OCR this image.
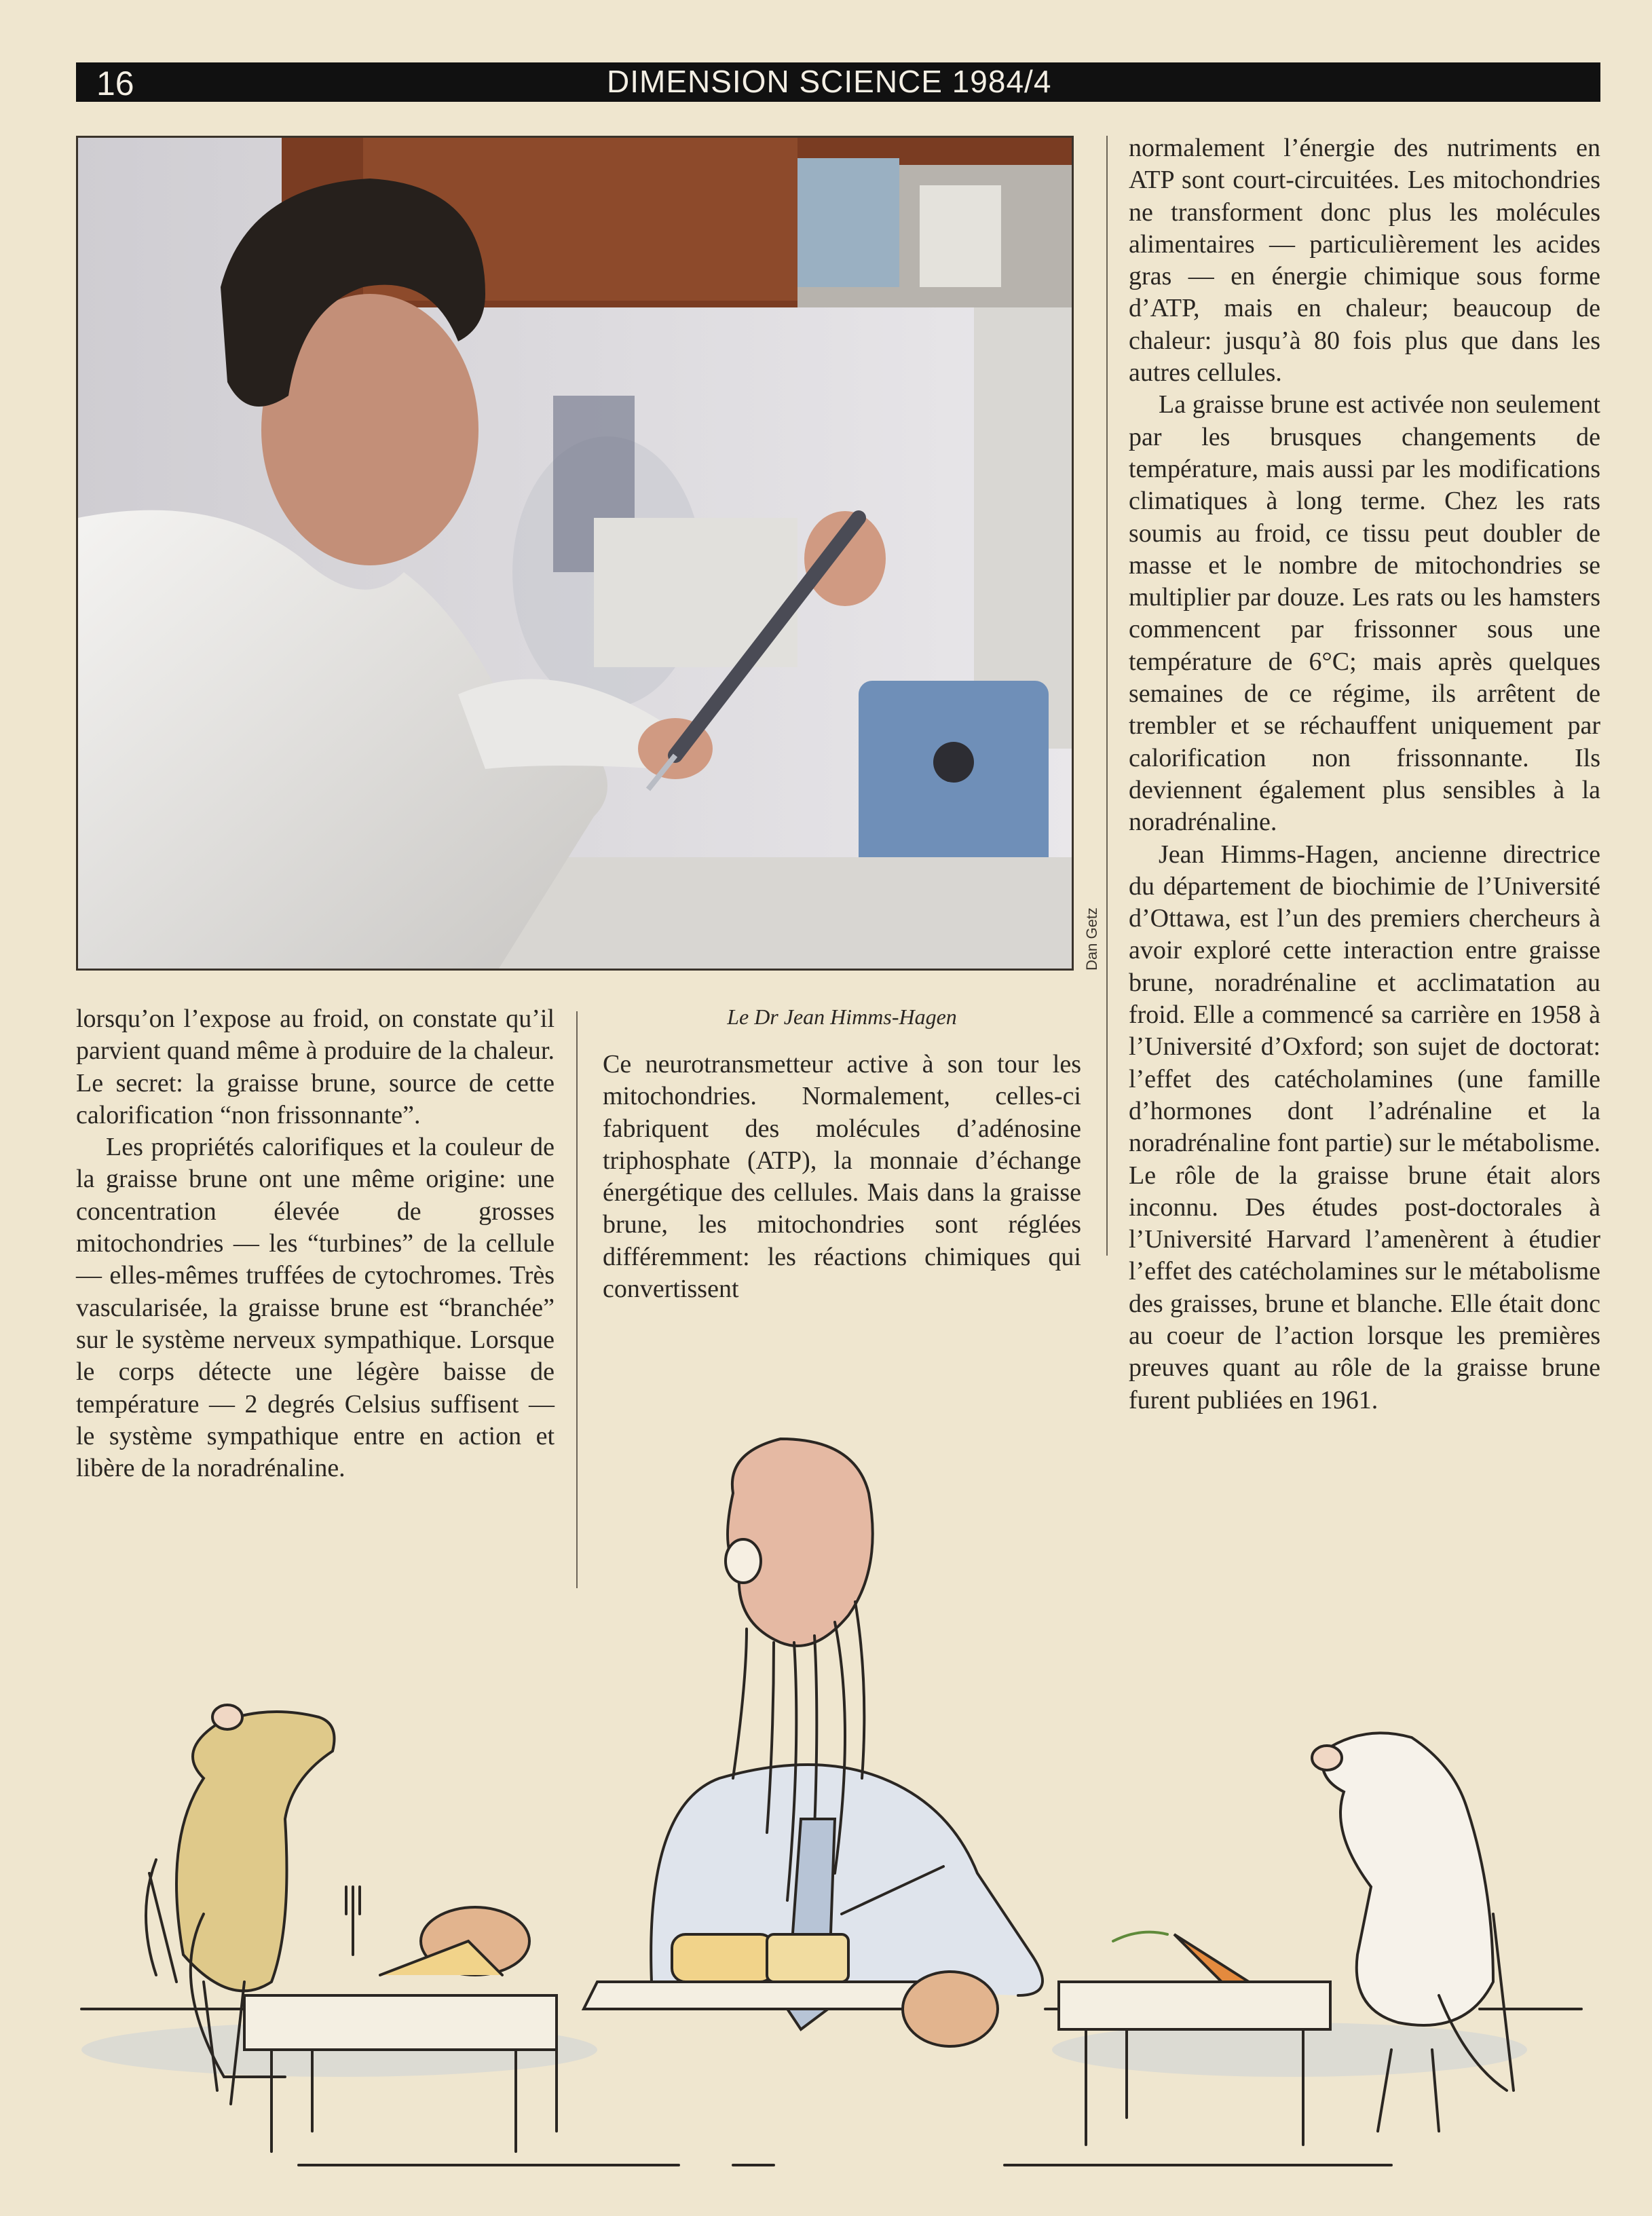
16	DIMENSION SCIENCE 1984/4
Dan Getz

lorsqu’on l’expose au froid, on constate qu’il parvient quand même à produire de la chaleur. Le secret: la graisse brune, source de cette calorification “non frissonnante”.

Les propriétés calorifiques et la couleur de la graisse brune ont une même origine: une concentration élevée de grosses mitochondries — les “turbines” de la cellule — elles-mêmes truffées de cytochromes. Très vascularisée, la graisse brune est “branchée” sur le système nerveux sympathique. Lorsque le corps détecte une légère baisse de température — 2 degrés Celsius suffisent — le système sympathique entre en action et libère de la noradrénaline.

Le Dr Jean Himms-Hagen

Ce neurotransmetteur active à son tour les mitochondries. Normalement, celles-ci fabriquent des molécules d’adénosine triphosphate (ATP), la monnaie d’échange énergétique des cellules. Mais dans la graisse brune, les mitochondries sont réglées différemment: les réactions chimiques qui convertissent

normalement l’énergie des nutriments en ATP sont court-circuitées. Les mitochondries ne transforment donc plus les molécules alimentaires — particulièrement les acides gras — en énergie chimique sous forme d’ATP, mais en chaleur; beaucoup de chaleur: jusqu’à 80 fois plus que dans les autres cellules.

La graisse brune est activée non seulement par les brusques changements de température, mais aussi par les modifications climatiques à long terme. Chez les rats soumis au froid, ce tissu peut doubler de masse et le nombre de mitochondries se multiplier par douze. Les rats ou les hamsters commencent par frissonner sous une température de 6°C; mais après quelques semaines de ce régime, ils arrêtent de trembler et se réchauffent uniquement par calorification non frissonnante. Ils deviennent également plus sensibles à la noradrénaline.

Jean Himms-Hagen, ancienne directrice du département de biochimie de l’Université d’Ottawa, est l’un des premiers chercheurs à avoir exploré cette interaction entre graisse brune, noradrénaline et acclimatation au froid. Elle a commencé sa carrière en 1958 à l’Université d’Oxford; son sujet de doctorat: l’effet des catécholamines (une famille d’hormones dont l’adrénaline et la noradrénaline font partie) sur le métabolisme. Le rôle de la graisse brune était alors inconnu. Des études post-doctorales à l’Université Harvard l’amenèrent à étudier l’effet des catécholamines sur le métabolisme des graisses, brune et blanche. Elle était donc au coeur de l’action lorsque les premières preuves quant au rôle de la graisse brune furent publiées en 1961.
